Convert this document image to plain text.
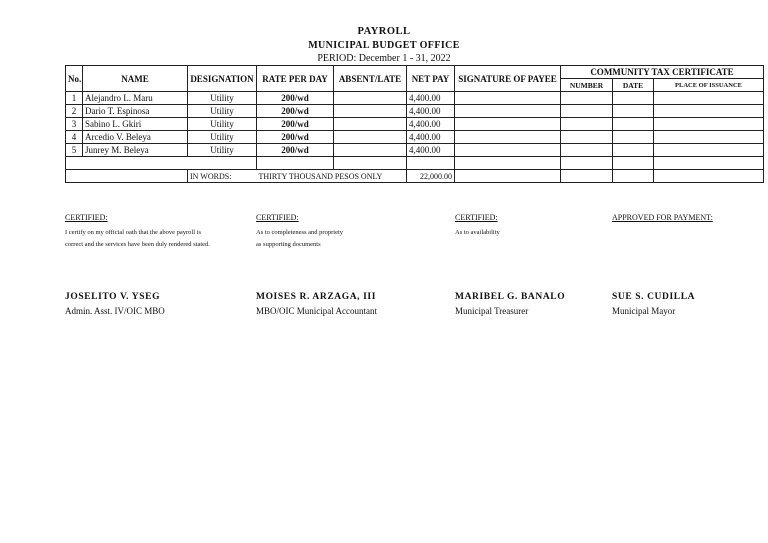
PAYROLL
MUNICIPAL BUDGET OFFICE
PERIOD: December 1 - 31, 2022
No.	NAME	DESIGNATION	RATE PER DAY	ABSENT/LATE	NET PAY	SIGNATURE OF PAYEE	COMMUNITY TAX CERTIFICATE		
							NUMBER	DATE	PLACE OF ISSUANCE
1	Alejandro L. Maru	Utility	200/wd		4,400.00				
2	Dario T. Espinosa	Utility	200/wd		4,400.00				
3	Sabino L. Gkiri	Utility	200/wd		4,400.00				
4	Arcedio V. Beleya	Utility	200/wd		4,400.00				
5	Junrey M. Beleya	Utility	200/wd		4,400.00				

		IN WORDS:	THIRTY THOUSAND PESOS ONLY		22,000.00				
CERTIFIED:
I certify on my official oath that the above payroll is
correct and the services have been duly rendered stated.
CERTIFIED:
As to completeness and propriety
as supporting documents
CERTIFIED:
As to availability
APPROVED FOR PAYMENT:
JOSELITO V. YSEG
Admin. Asst. IV/OIC MBO
MOISES R. ARZAGA, III
MBO/OIC Municipal Accountant
MARIBEL G. BANALO
Municipal Treasurer
SUE S. CUDILLA
Municipal Mayor
